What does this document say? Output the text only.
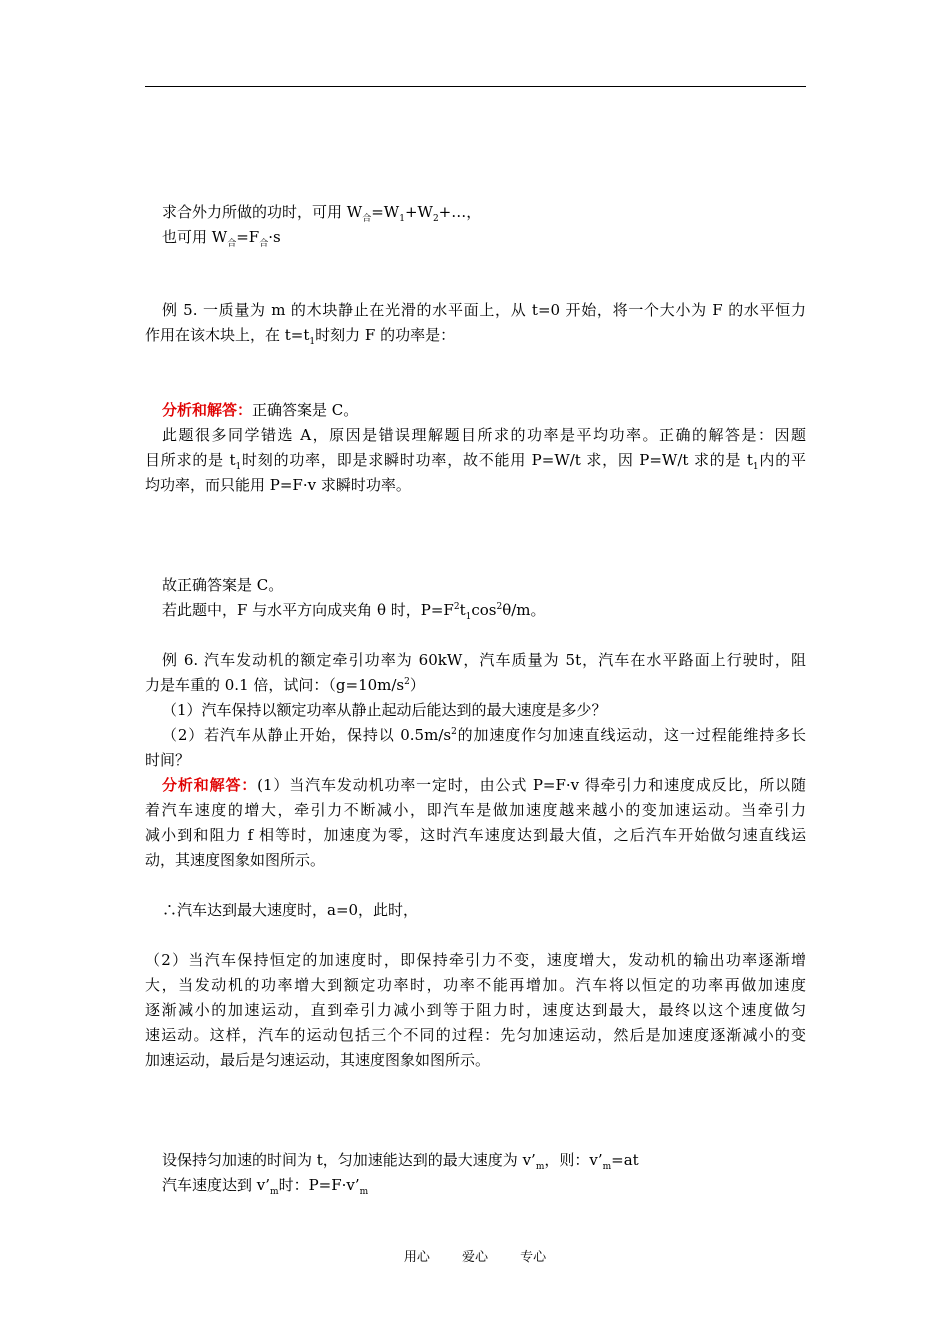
求合外力所做的功时，可用 $W_合=W_1+W_2+\dots$，
也可用 $W_合=F_合\cdot s$
例 5. 一质量为 m 的木块静止在光滑的水平面上，从 t=0 开始，将一个大小为 F 的水平恒力
作用在该木块上，在 $t=t_1$时刻力 F 的功率是：
分析和解答：正确答案是 C。
此题很多同学错选 A，原因是错误理解题目所求的功率是平均功率。正确的解答是：因题
目所求的是 $t_1$时刻的功率，即是求瞬时功率，故不能用 P=W/t 求，因 P=W/t 求的是 $t_1$内的平
均功率，而只能用 P=F·v 求瞬时功率。
故正确答案是 C。
若此题中，F 与水平方向成夹角 θ 时，$P=F^2t_1\cos^2\theta/m$。
例 6. 汽车发动机的额定牵引功率为 60kW，汽车质量为 5t，汽车在水平路面上行驶时，阻
力是车重的 0.1 倍，试问：$(g=10m/s^2)$
（1）汽车保持以额定功率从静止起动后能达到的最大速度是多少？
（2）若汽车从静止开始，保持以 $0.5m/s^2$的加速度作匀加速直线运动，这一过程能维持多长
时间？
分析和解答：(1）当汽车发动机功率一定时，由公式 P=F·v 得牵引力和速度成反比，所以随
着汽车速度的增大，牵引力不断减小，即汽车是做加速度越来越小的变加速运动。当牵引力
减小到和阻力 f 相等时，加速度为零，这时汽车速度达到最大值，之后汽车开始做匀速直线运
动，其速度图象如图所示。
∴汽车达到最大速度时，a=0，此时，
（2）当汽车保持恒定的加速度时，即保持牵引力不变，速度增大，发动机的输出功率逐渐增
大，当发动机的功率增大到额定功率时，功率不能再增加。汽车将以恒定的功率再做加速度
逐渐减小的加速运动，直到牵引力减小到等于阻力时，速度达到最大，最终以这个速度做匀
速运动。这样，汽车的运动包括三个不同的过程：先匀加速运动，然后是加速度逐渐减小的变
加速运动，最后是匀速运动，其速度图象如图所示。
设保持匀加速的时间为 t，匀加速能达到的最大速度为 $v’_m$，则：$v’_m=at$
汽车速度达到 $v’_m$时：$P=F\cdot v’_m$
用心 爱心 专心
